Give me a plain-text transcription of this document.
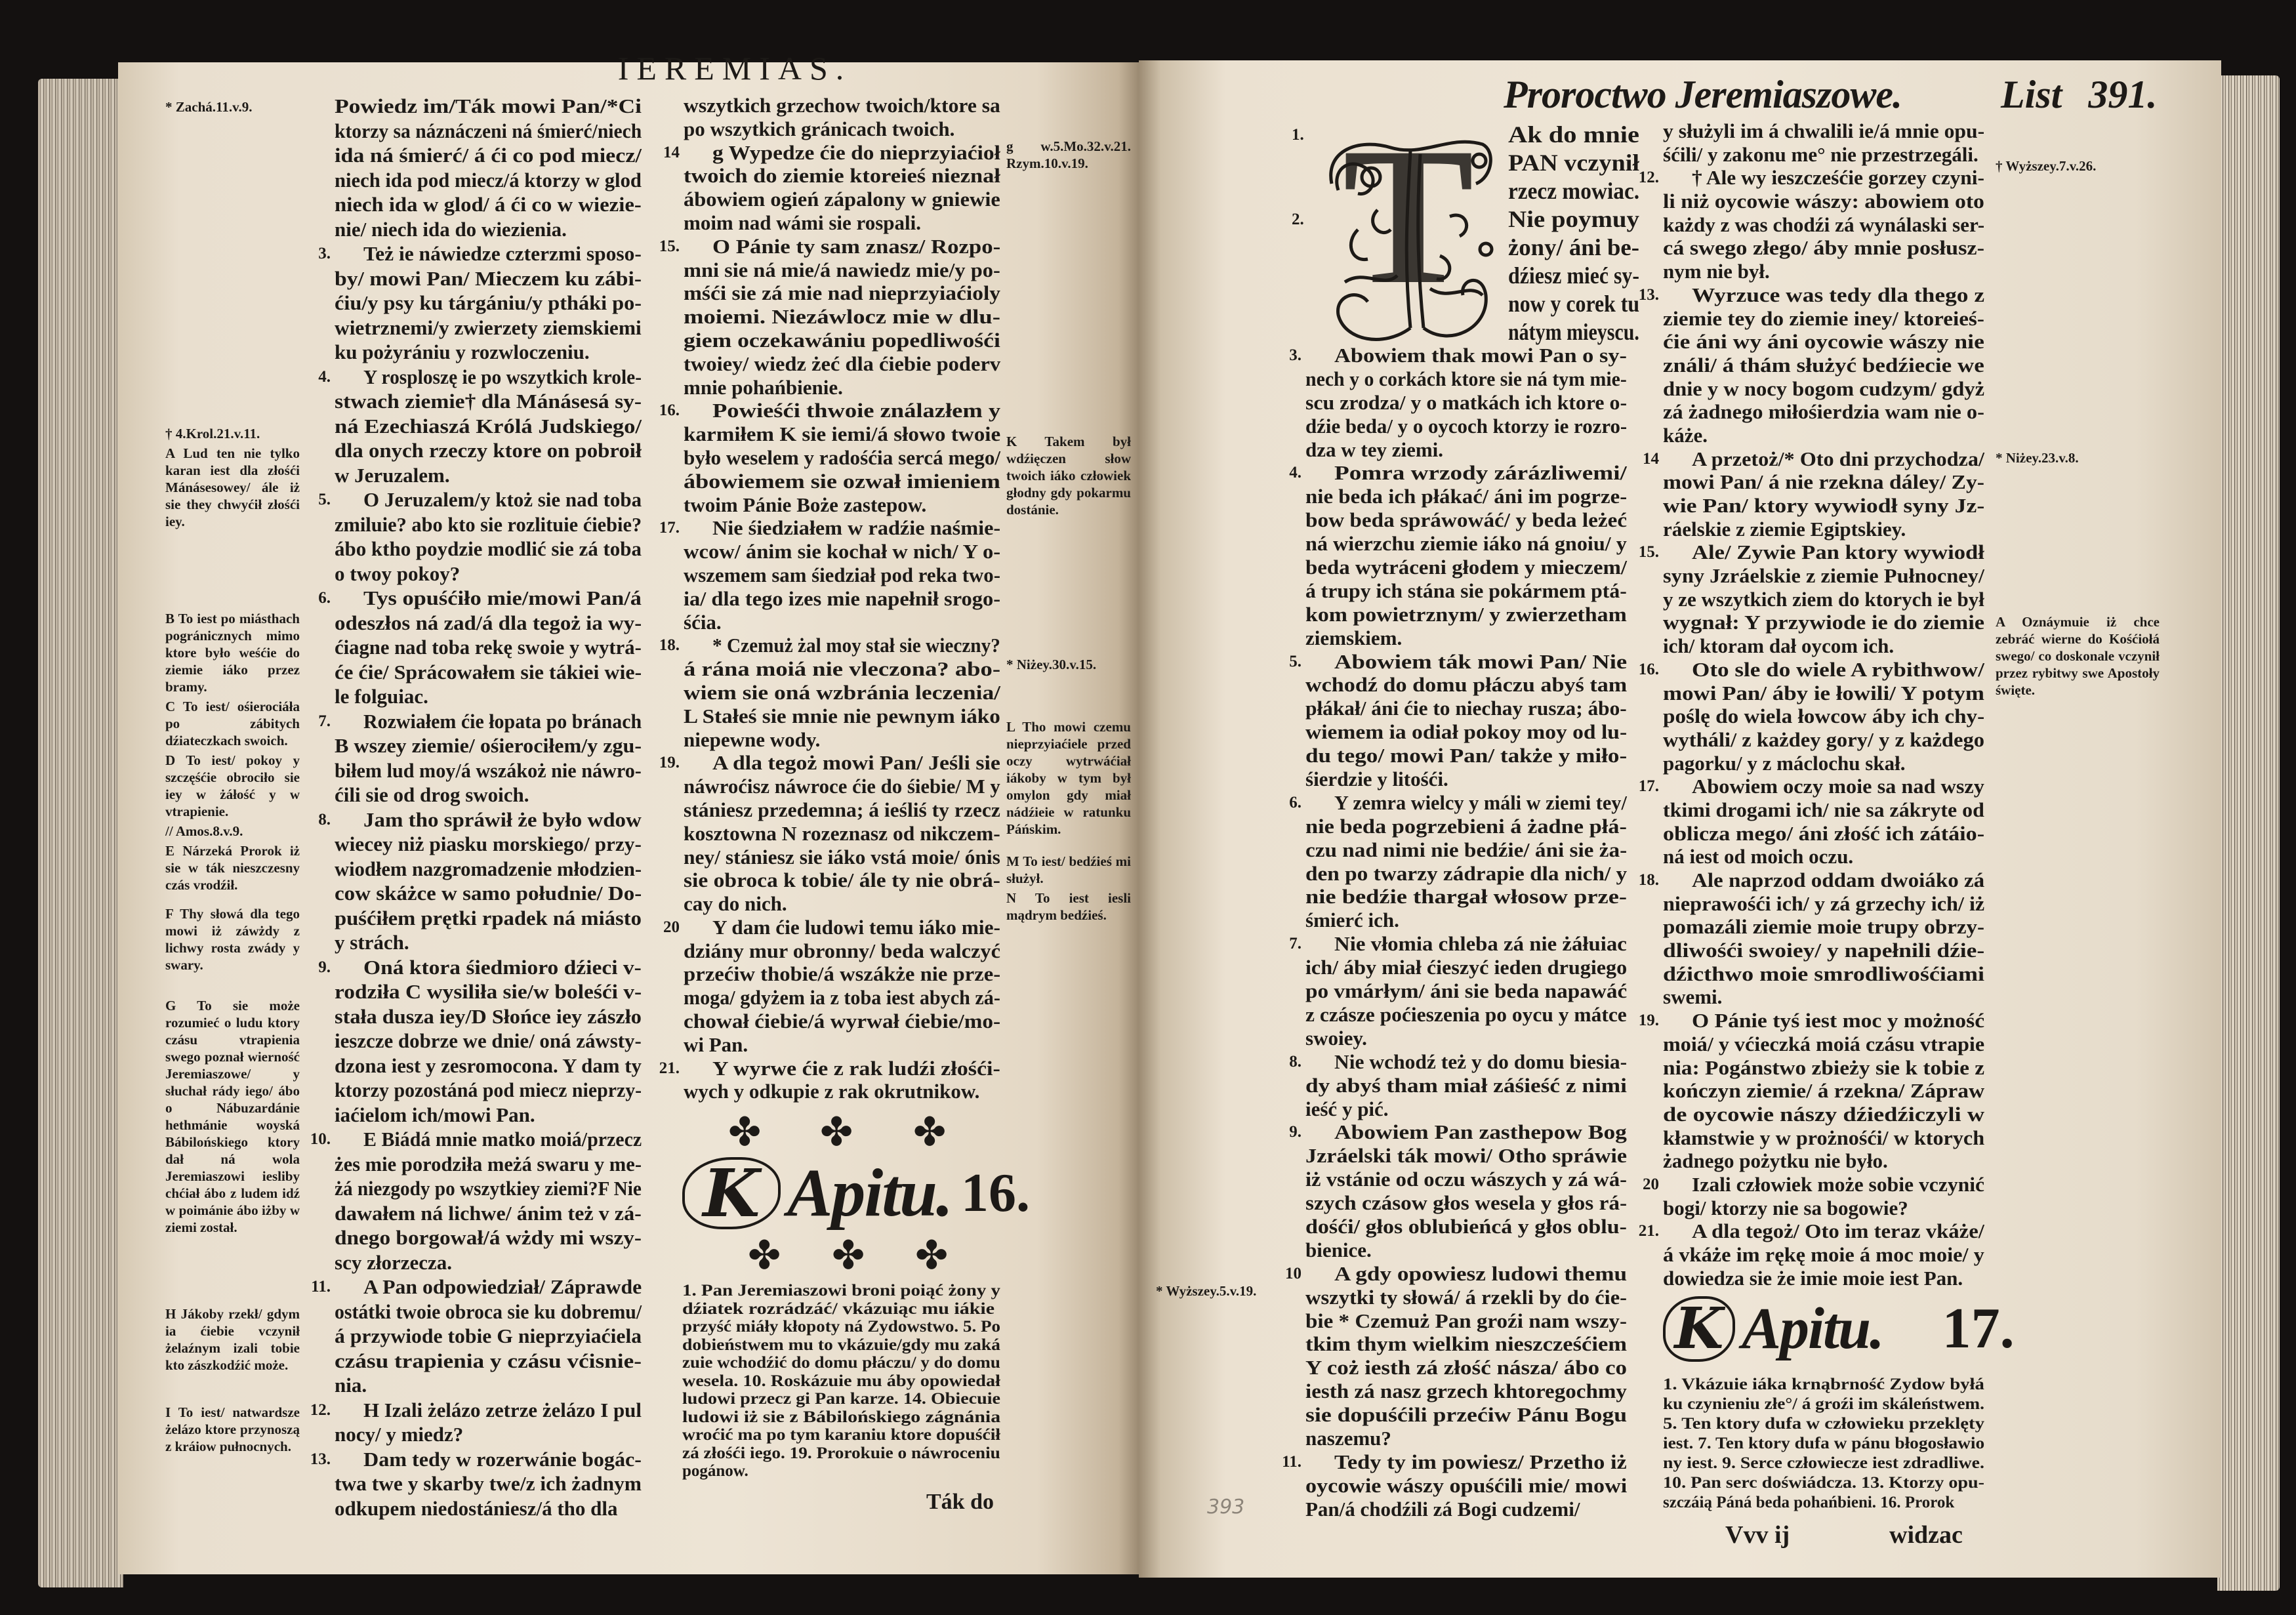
IEREMIAS.
* Zachá.11.v.9.
† 4.Krol.21.v.11.
A Lud ten nie tylko karan iest dla złośći Mánásesowey/ ále iż sie they chwyćił złośći iey.
B To iest po miásthach pogránicznych mimo ktore było weśćie do ziemie iáko przez bramy.
C To iest/ ośierociáła po zábitych dźiateczkach swoich.
D To iest/ pokoy y szczęśćie obrociło sie iey w żáłość y w vtrapienie.
// Amos.8.v.9.
E Nárzeká Prorok iż sie w ták nieszczesny czás vrodźił.
F Thy słowá dla tego mowi iż záwżdy z lichwy rosta zwády y swary.
G To sie może rozumieć o ludu ktory czásu vtrapienia swego poznał wierność Jeremiaszowe/ y słuchał rády iego/ ábo o Nábuzardánie hethmánie woyská Bábilońskiego ktory dał ná wola Jeremiaszowi iesliby chćiał ábo z ludem idź w poimánie ábo iżby w ziemi został.
H Jákoby rzekł/ gdym ia ćiebie vczynił żelaźnym izali tobie kto zászkodźić może.
I To iest/ natwardsze żelázo ktore przynoszą z kráiow pułnocnych.
g w.5.Mo.32.v.21. Rzym.10.v.19.
K Takem był wdźięczen słow twoich iáko człowiek głodny gdy pokarmu dostánie.
* Niżey.30.v.15.
L Tho mowi czemu nieprzyiaćiele przed oczy wytrwáćiał iákoby w tym był omylon gdy miał nádźieie w ratunku Páńskim.
M To iest/ bedźieś mi służył.
N To iest iesli mądrym bedźieś.
Powiedz im/Ták mowi Pan/*Ci
ktorzy sa náznáczeni ná śmierć/niech
ida ná śmierć/ á ći co pod miecz/
niech ida pod miecz/á ktorzy w glod
niech ida w glod/ á ći co w wiezie-
nie/ niech ida do wiezienia.
3. Też ie náwiedze czterzmi sposo-
by/ mowi Pan/ Mieczem ku zábi-
ćiu/y psy ku tárgániu/y ptháki po-
wietrznemi/y zwierzety ziemskiemi
ku pożyrániu y rozwloczeniu.
4. Y rosploszę ie po wszytkich krole-
stwach ziemie† dla Mánásesá sy-
ná Ezechiaszá Królá Judskiego/
dla onych rzeczy ktore on pobroił
w Jeruzalem.
5. O Jeruzalem/y ktoż sie nad toba
zmiluie? abo kto sie rozlituie ćiebie?
ábo ktho poydzie modlić sie zá toba
o twoy pokoy?
6. Tys opuśćiło mie/mowi Pan/á
odeszłos ná zad/á dla tegoż ia wy-
ćiagne nad toba rekę swoie y wytrá-
će ćie/ Sprácowałem sie tákiei wie-
le folguiac.
7. Rozwiałem ćie łopata po bránach
B wszey ziemie/ ośierociłem/y zgu-
biłem lud moy/á wszákoż nie náwro-
ćili sie od drog swoich.
8. Jam tho spráwił że było wdow
wiecey niż piasku morskiego/ przy-
wiodłem nazgromadzenie młodzien-
cow skáżce w samo południe/ Do-
puśćiłem prętki rpadek ná miásto
y strách.
9. Oná ktora śiedmioro dźieci v-
rodziła C wysiliła sie/w boleśći v-
stała dusza iey/D Słońce iey zászło
ieszcze dobrze we dnie/ oná záwsty-
dzona iest y zesromocona. Y dam ty
ktorzy pozostáná pod miecz nieprzy-
iaćielom ich/mowi Pan.
10. E Biádá mnie matko moiá/przecz
żes mie porodziła meżá swaru y me-
żá niezgody po wszytkiey ziemi?F Nie
dawałem ná lichwe/ ánim też v zá-
dnego borgował/á wżdy mi wszy-
scy złorzecza.
11. A Pan odpowiedział/ Záprawde
ostátki twoie obroca sie ku dobremu/
á przywiode tobie G nieprzyiaćiela
czásu trapienia y czásu vćisnie-
nia.
12. H Izali żelázo zetrze żelázo I pul
nocy/ y miedz?
13. Dam tedy w rozerwánie bogác-
twa twe y skarby twe/z ich żadnym
odkupem niedostániesz/á tho dla
wszytkich grzechow twoich/ktore sa
po wszytkich gránicach twoich.
14 g Wypedze ćie do nieprzyiaćioł
twoich do ziemie ktoreieś nieznał
ábowiem ogień zápalony w gniewie
moim nad wámi sie rospali.
15. O Pánie ty sam znasz/ Rozpo-
mni sie ná mie/á nawiedz mie/y po-
mśći sie zá mie nad nieprzyiaćioly
moiemi. Niezáwlocz mie w dlu-
giem oczekawániu popedliwośći
twoiey/ wiedz żeć dla ćiebie poderv
mnie pohańbienie.
16. Powieśći thwoie ználazłem y
karmiłem K sie iemi/á słowo twoie
było weselem y radośćia sercá mego/
ábowiemem sie ozwał imieniem
twoim Pánie Boże zastepow.
17. Nie śiedziałem w radźie naśmie-
wcow/ ánim sie kochał w nich/ Y o-
wszemem sam śiedział pod reka two-
ia/ dla tego izes mie napełnił srogo-
śćia.
18. * Czemuż żal moy stał sie wieczny?
á rána moiá nie vleczona? abo-
wiem sie oná wzbránia leczenia/
L Stałeś sie mnie nie pewnym iáko
niepewne wody.
19. A dla tegoż mowi Pan/ Jeśli sie
náwroćisz náwroce ćie do śiebie/ M y
stániesz przedemna; á ieśliś ty rzecz
kosztowna N rozeznasz od nikczem-
ney/ stániesz sie iáko vstá moie/ ónis
sie obroca k tobie/ ále ty nie obrá-
cay do nich.
20 Y dam ćie ludowi temu iáko mie-
dziány mur obronny/ beda walczyć
przećiw thobie/á wszákże nie prze-
moga/ gdyżem ia z toba iest abych zá-
chował ćiebie/á wyrwał ćiebie/mo-
wi Pan.
21. Y wyrwe ćie z rak ludźi złośći-
wych y odkupie z rak okrutnikow.
✤ ✤ ✤
K Apitu. 16.
✤ ✤ ✤
1. Pan Jeremiaszowi broni poiąć żony y
dźiatek rozrádzáć/ vkázuiąc mu iákie
przyść miáły kłopoty ná Zydowstwo. 5. Po
dobieństwem mu to vkázuie/gdy mu zaká
zuie wchodźić do domu płáczu/ y do domu
wesela. 10. Roskázuie mu áby opowiedał
ludowi przecz gi Pan karze. 14. Obiecuie
ludowi iż sie z Bábilońskiego zágnánia
wroćić ma po tym karaniu ktore dopuśćił
zá złośći iego. 19. Prorokuie o náwroceniu
pogánow.
Ták do
Proroctwo Jeremiaszowe.	List 391.
T
1.	Ak do mnie
PAN vczynił
rzecz mowiac.
2.	Nie poymuy
żony/ áni be-
dźiesz mieć sy-
now y corek tu
nátym mieyscu.
3. Abowiem thak mowi Pan o sy-
nech y o corkách ktore sie ná tym mie-
scu zrodza/ y o matkách ich ktore o-
dźie beda/ y o oycoch ktorzy ie rozro-
dza w tey ziemi.
4. Pomra wrzody zárázliwemi/
nie beda ich płákać/ áni im pogrze-
bow beda spráwowáć/ y beda leżeć
ná wierzchu ziemie iáko ná gnoiu/ y
beda wytráceni głodem y mieczem/
á trupy ich stána sie pokármem ptá-
kom powietrznym/ y zwierzetham
ziemskiem.
5. Abowiem ták mowi Pan/ Nie
wchodź do domu płáczu abyś tam
płákał/ áni ćie to niechay rusza; ábo-
wiemem ia odiał pokoy moy od lu-
du tego/ mowi Pan/ także y miło-
śierdzie y litośći.
6. Y zemra wielcy y máli w ziemi tey/
nie beda pogrzebieni á żadne płá-
czu nad nimi nie bedźie/ áni sie ża-
den po twarzy zádrapie dla nich/ y
nie bedźie thargał włosow prze-
śmierć ich.
7. Nie vłomia chleba zá nie żáłuiac
ich/ áby miał ćieszyć ieden drugiego
po vmárłym/ áni sie beda napawáć
z czásze poćieszenia po oycu y mátce
swoiey.
8. Nie wchodź też y do domu biesia-
dy abyś tham miał záśieść z nimi
ieść y pić.
9. Abowiem Pan zasthepow Bog
Jzráelski ták mowi/ Otho spráwie
iż vstánie od oczu wászych y zá wá-
szych czásow głos wesela y głos rá-
dośći/ głos oblubieńcá y głos oblu-
bienice.
10 A gdy opowiesz ludowi themu
wszytki ty słowá/ á rzekli by do ćie-
bie * Czemuż Pan groźi nam wszy-
tkim thym wielkim nieszcześćiem
Y coż iesth zá złość násza/ ábo co
iesth zá nasz grzech khtoregochmy
sie dopuśćili przećiw Pánu Bogu
naszemu?
11. Tedy ty im powiesz/ Przetho iż
oycowie wászy opuśćili mie/ mowi
Pan/á chodźili zá Bogi cudzemi/
y służyli im á chwalili ie/á mnie opu-
śćili/ y zakonu me° nie przestrzegáli.
12. † Ale wy ieszcześćie gorzey czyni-
li niż oycowie wászy: abowiem oto
każdy z was chodźi zá wynálaski ser-
cá swego złego/ áby mnie posłusz-
nym nie był.
13. Wyrzuce was tedy dla thego z
ziemie tey do ziemie iney/ ktoreieś-
ćie áni wy áni oycowie wászy nie
ználi/ á thám służyć bedźiecie we
dnie y w nocy bogom cudzym/ gdyż
zá żadnego miłośierdzia wam nie o-
káże.
14 A przetoż/* Oto dni przychodza/
mowi Pan/ á nie rzekna dáley/ Zy-
wie Pan/ ktory wywiodł syny Jz-
ráelskie z ziemie Egiptskiey.
15. Ale/ Zywie Pan ktory wywiodł
syny Jzráelskie z ziemie Pułnocney/
y ze wszytkich ziem do ktorych ie był
wygnał: Y przywiode ie do ziemie
ich/ ktoram dał oycom ich.
16. Oto sle do wiele A rybithwow/
mowi Pan/ áby ie łowili/ Y potym
poślę do wiela łowcow áby ich chy-
wytháli/ z każdey gory/ y z każdego
pagorku/ y z máclochu skał.
17. Abowiem oczy moie sa nad wszy
tkimi drogami ich/ nie sa zákryte od
oblicza mego/ áni złość ich zátáio-
ná iest od moich oczu.
18. Ale naprzod oddam dwoiáko zá
nieprawośći ich/ y zá grzechy ich/ iż
pomazáli ziemie moie trupy obrzy-
dliwośći swoiey/ y napełnili dźie-
dźicthwo moie smrodliwośćiami
swemi.
19. O Pánie tyś iest moc y możność
moiá/ y vćieczká moiá czásu vtrapie
nia: Pogánstwo zbieży sie k tobie z
kończyn ziemie/ á rzekna/ Zápraw
de oycowie nászy dźiedźiczyli w
kłamstwie y w prożnośći/ w ktorych
żadnego pożytku nie było.
20 Izali człowiek może sobie vczynić
bogi/ ktorzy nie sa bogowie?
21. A dla tegoż/ Oto im teraz vkáże/
á vkáże im rękę moie á moc moie/ y
dowiedza sie że imie moie iest Pan.
† Wyższey.7.v.26.
* Niżey.23.v.8.
A Oznáymuie iż chce zebráć wierne do Kośćiołá swego/ co doskonale vczynił przez rybitwy swe Apostoły święte.
* Wyższey.5.v.19.
K Apitu. 17.
1. Vkázuie iáka krnąbrność Zydow byłá
ku czynieniu złe°/ á groźi im skáleństwem.
5. Ten ktory dufa w człowieku przeklęty
iest. 7. Ten ktory dufa w pánu błogosławio
ny iest. 9. Serce człowiecze iest zdradliwe.
10. Pan serc doświádcza. 13. Ktorzy opu-
szczáią Páná beda pohańbieni. 16. Prorok
Vvv ij	widzac
393
